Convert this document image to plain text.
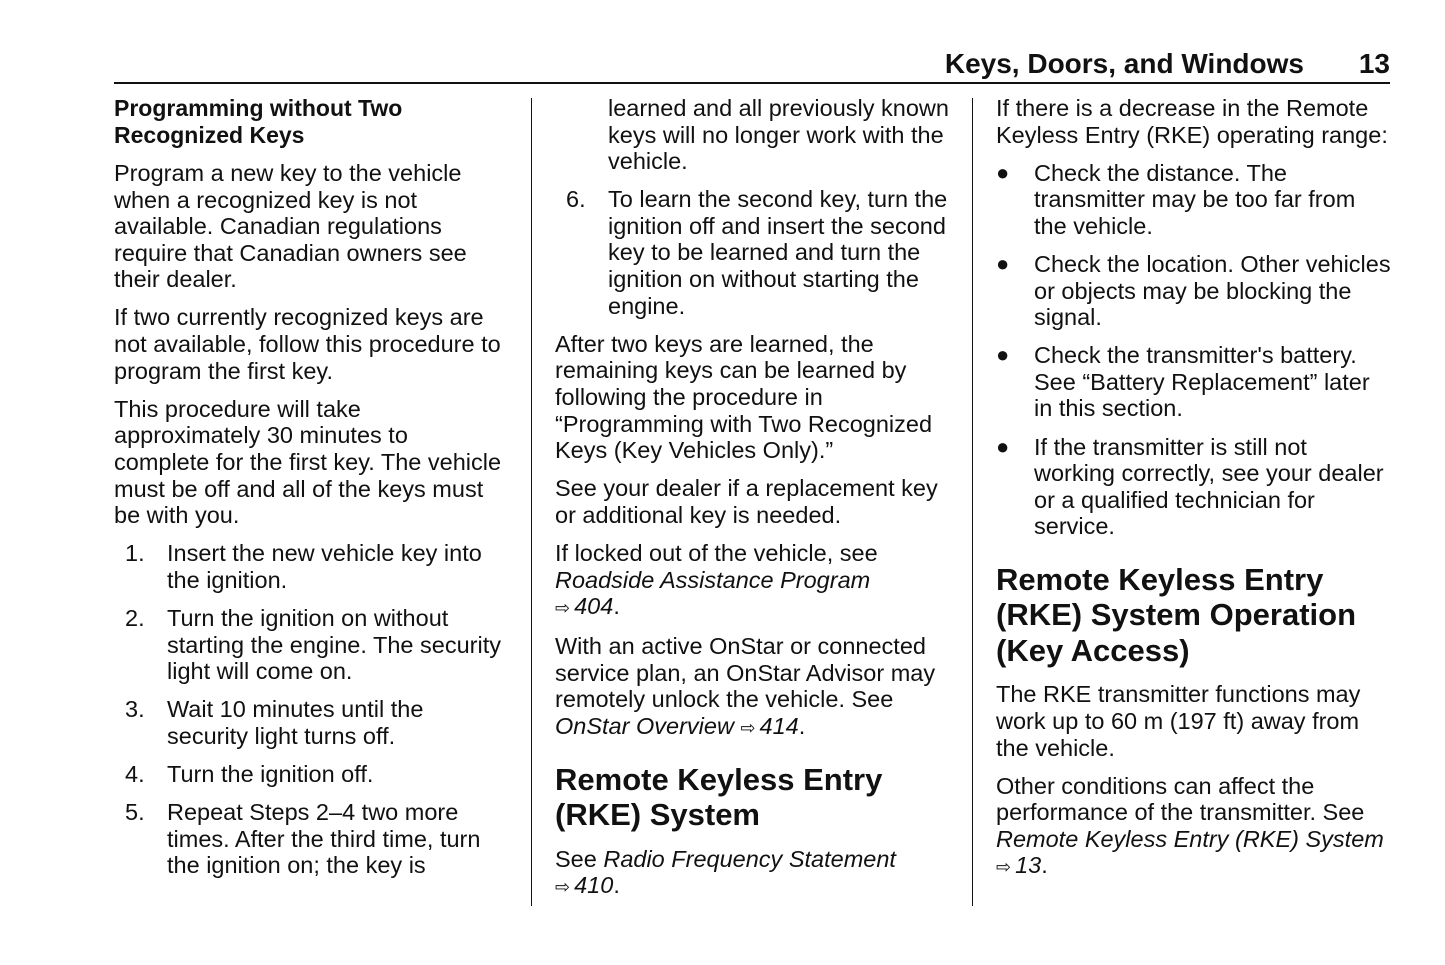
Keys, Doors, and Windows 13

Programming without Two Recognized Keys

Program a new key to the vehicle when a recognized key is not available. Canadian regulations require that Canadian owners see their dealer.

If two currently recognized keys are not available, follow this procedure to program the first key.

This procedure will take approximately 30 minutes to complete for the first key. The vehicle must be off and all of the keys must be with you.

1. Insert the new vehicle key into the ignition.
2. Turn the ignition on without starting the engine. The security light will come on.
3. Wait 10 minutes until the security light turns off.
4. Turn the ignition off.
5. Repeat Steps 2–4 two more times. After the third time, turn the ignition on; the key is

learned and all previously known keys will no longer work with the vehicle.

6. To learn the second key, turn the ignition off and insert the second key to be learned and turn the ignition on without starting the engine.

After two keys are learned, the remaining keys can be learned by following the procedure in “Programming with Two Recognized Keys (Key Vehicles Only).”

See your dealer if a replacement key or additional key is needed.

If locked out of the vehicle, see
Roadside Assistance Program
⇨ 404.

With an active OnStar or connected service plan, an OnStar Advisor may remotely unlock the vehicle. See OnStar Overview ⇨ 414.

Remote Keyless Entry (RKE) System

See Radio Frequency Statement
⇨ 410.

If there is a decrease in the Remote Keyless Entry (RKE) operating range:

● Check the distance. The transmitter may be too far from the vehicle.
● Check the location. Other vehicles or objects may be blocking the signal.
● Check the transmitter's battery. See “Battery Replacement” later in this section.
● If the transmitter is still not working correctly, see your dealer or a qualified technician for service.
Remote Keyless Entry (RKE) System Operation (Key Access)

The RKE transmitter functions may work up to 60 m (197 ft) away from the vehicle.

Other conditions can affect the performance of the transmitter. See Remote Keyless Entry (RKE) System ⇨ 13.
